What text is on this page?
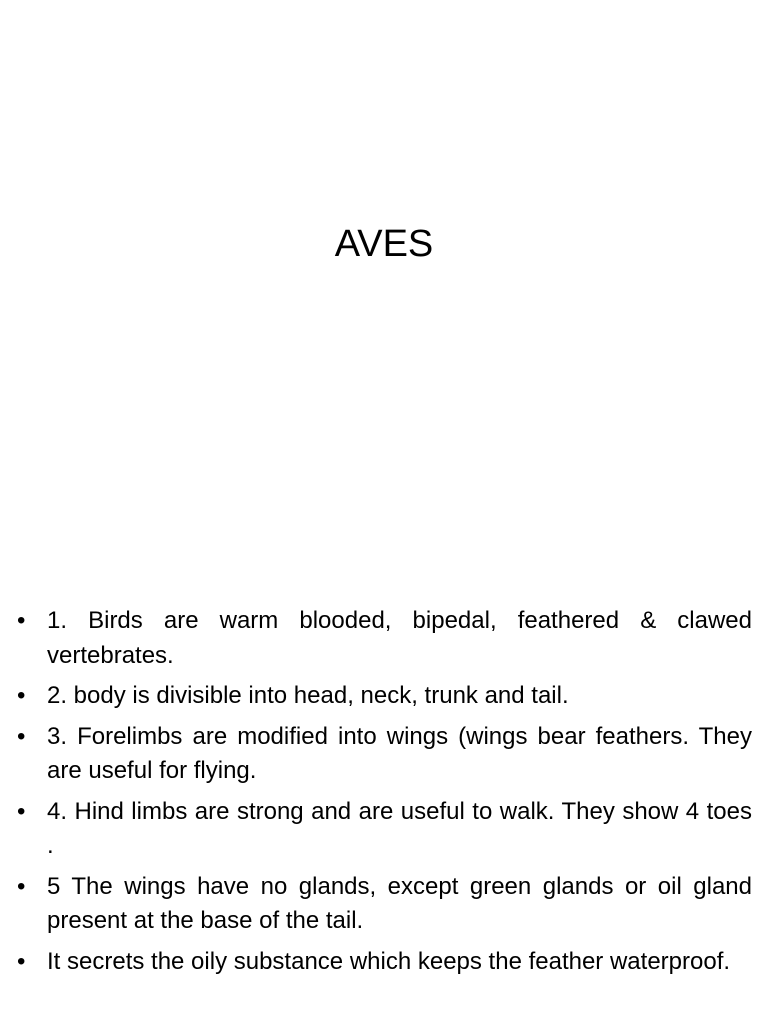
AVES
• 1. Birds are warm blooded, bipedal, feathered & clawed vertebrates.
• 2. body is divisible into head, neck, trunk and tail.
• 3. Forelimbs are modified into wings (wings bear feathers. They are useful for flying.
• 4. Hind limbs are strong and are useful to walk. They show 4 toes .
• 5 The wings have no glands, except green glands or oil gland present at the base of the tail.
• It secrets the oily substance which keeps the feather waterproof.
